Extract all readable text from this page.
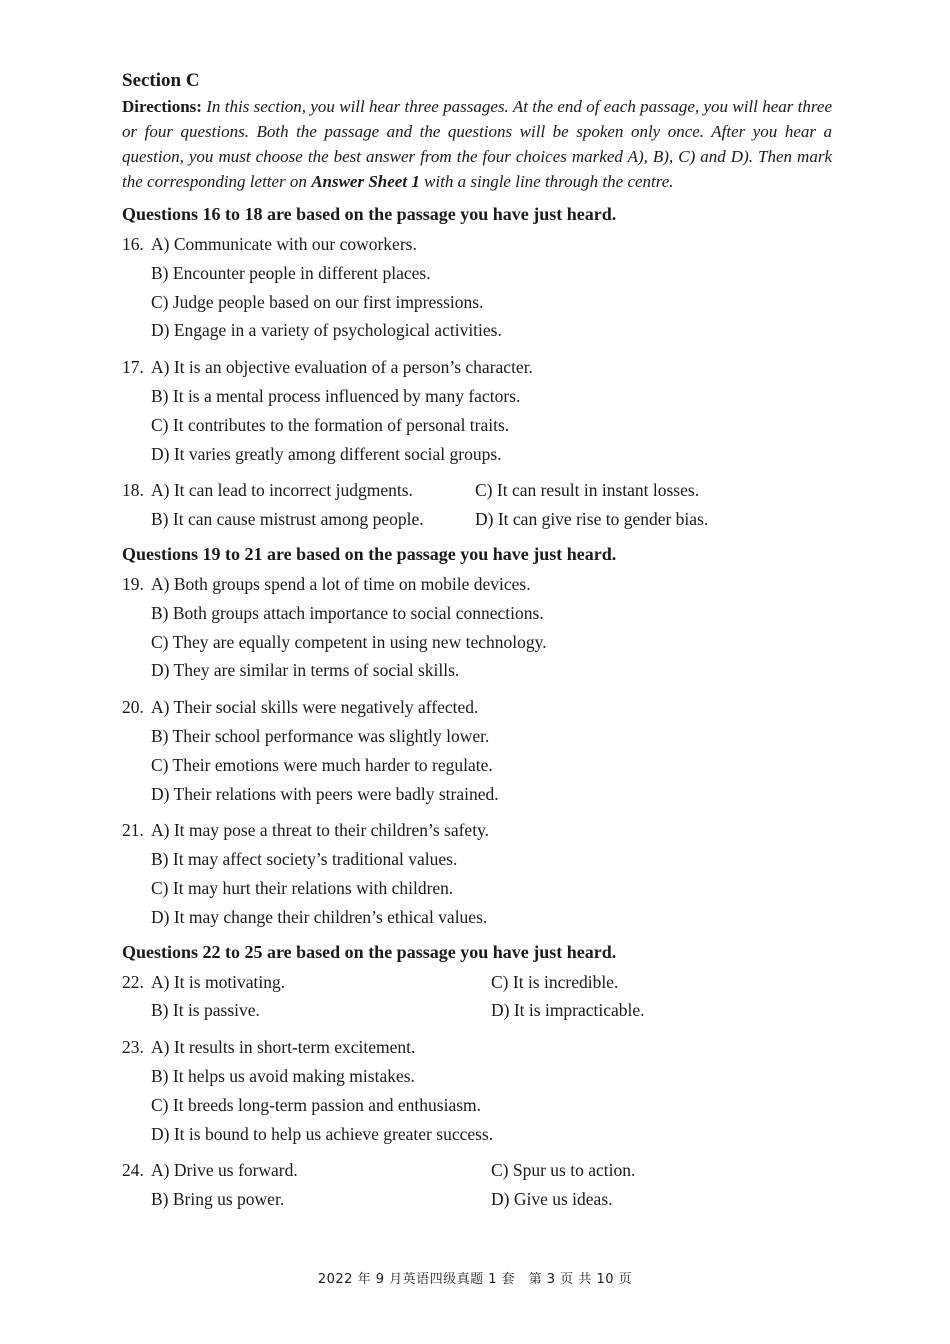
Section C
Directions: In this section, you will hear three passages. At the end of each passage, you will hear three or four questions. Both the passage and the questions will be spoken only once. After you hear a question, you must choose the best answer from the four choices marked A), B), C) and D). Then mark the corresponding letter on Answer Sheet 1 with a single line through the centre.
Questions 16 to 18 are based on the passage you have just heard.
16. A) Communicate with our coworkers.
B) Encounter people in different places.
C) Judge people based on our first impressions.
D) Engage in a variety of psychological activities.
17. A) It is an objective evaluation of a person’s character.
B) It is a mental process influenced by many factors.
C) It contributes to the formation of personal traits.
D) It varies greatly among different social groups.
18. A) It can lead to incorrect judgments.	C) It can result in instant losses.
B) It can cause mistrust among people.	D) It can give rise to gender bias.
Questions 19 to 21 are based on the passage you have just heard.
19. A) Both groups spend a lot of time on mobile devices.
B) Both groups attach importance to social connections.
C) They are equally competent in using new technology.
D) They are similar in terms of social skills.
20. A) Their social skills were negatively affected.
B) Their school performance was slightly lower.
C) Their emotions were much harder to regulate.
D) Their relations with peers were badly strained.
21. A) It may pose a threat to their children’s safety.
B) It may affect society’s traditional values.
C) It may hurt their relations with children.
D) It may change their children’s ethical values.
Questions 22 to 25 are based on the passage you have just heard.
22. A) It is motivating.	C) It is incredible.
B) It is passive.	D) It is impracticable.
23. A) It results in short-term excitement.
B) It helps us avoid making mistakes.
C) It breeds long-term passion and enthusiasm.
D) It is bound to help us achieve greater success.
24. A) Drive us forward.	C) Spur us to action.
B) Bring us power.	D) Give us ideas.
2022 年 9 月英语四级真题 1 套　第 3 页 共 10 页
